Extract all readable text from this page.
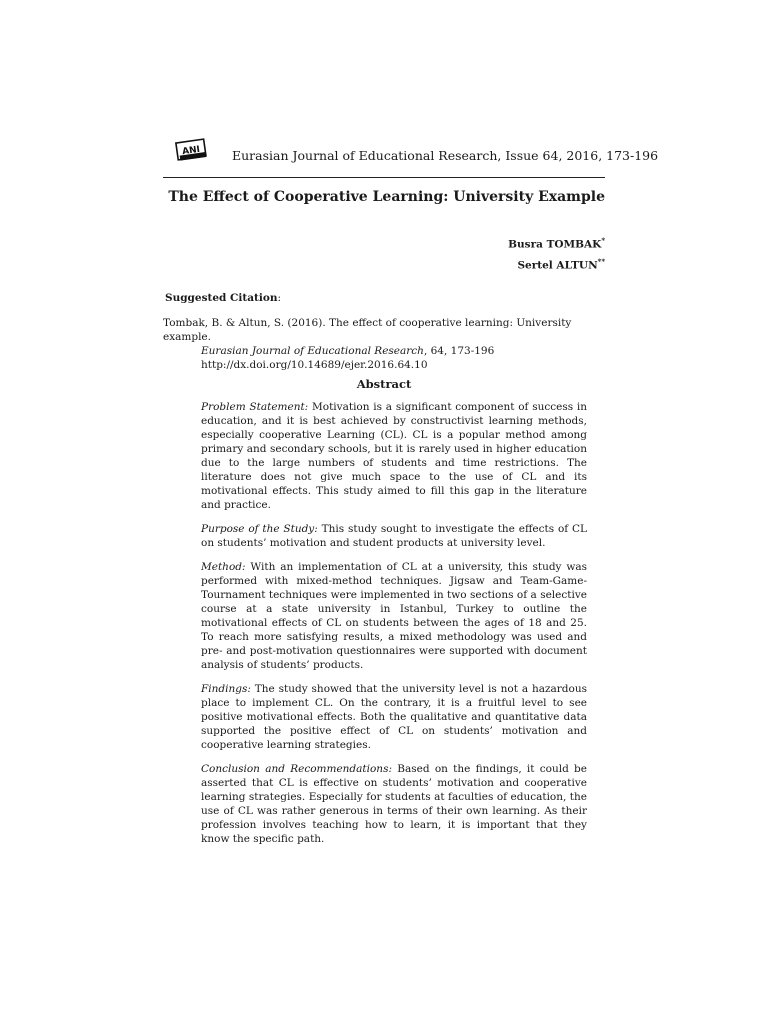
ANI	Eurasian Journal of Educational Research, Issue 64, 2016, 173-196
The Effect of Cooperative Learning: University Example
Busra TOMBAK*
Sertel ALTUN**
Suggested Citation:
Tombak, B. & Altun, S. (2016). The effect of cooperative learning: University example.
Eurasian Journal of Educational Research, 64, 173-196
http://dx.doi.org/10.14689/ejer.2016.64.10
Abstract

Problem Statement: Motivation is a significant component of success in education, and it is best achieved by constructivist learning methods, especially cooperative Learning (CL). CL is a popular method among primary and secondary schools, but it is rarely used in higher education due to the large numbers of students and time restrictions. The literature does not give much space to the use of CL and its motivational effects. This study aimed to fill this gap in the literature and practice.

Purpose of the Study: This study sought to investigate the effects of CL on students’ motivation and student products at university level.

Method: With an implementation of CL at a university, this study was performed with mixed-method techniques. Jigsaw and Team-Game-Tournament techniques were implemented in two sections of a selective course at a state university in Istanbul, Turkey to outline the motivational effects of CL on students between the ages of 18 and 25. To reach more satisfying results, a mixed methodology was used and pre- and post-motivation questionnaires were supported with document analysis of students’ products.

Findings: The study showed that the university level is not a hazardous place to implement CL. On the contrary, it is a fruitful level to see positive motivational effects. Both the qualitative and quantitative data supported the positive effect of CL on students’ motivation and cooperative learning strategies.

Conclusion and Recommendations: Based on the findings, it could be asserted that CL is effective on students’ motivation and cooperative learning strategies. Especially for students at faculties of education, the use of CL was rather generous in terms of their own learning. As their profession involves teaching how to learn, it is important that they know the specific path.
